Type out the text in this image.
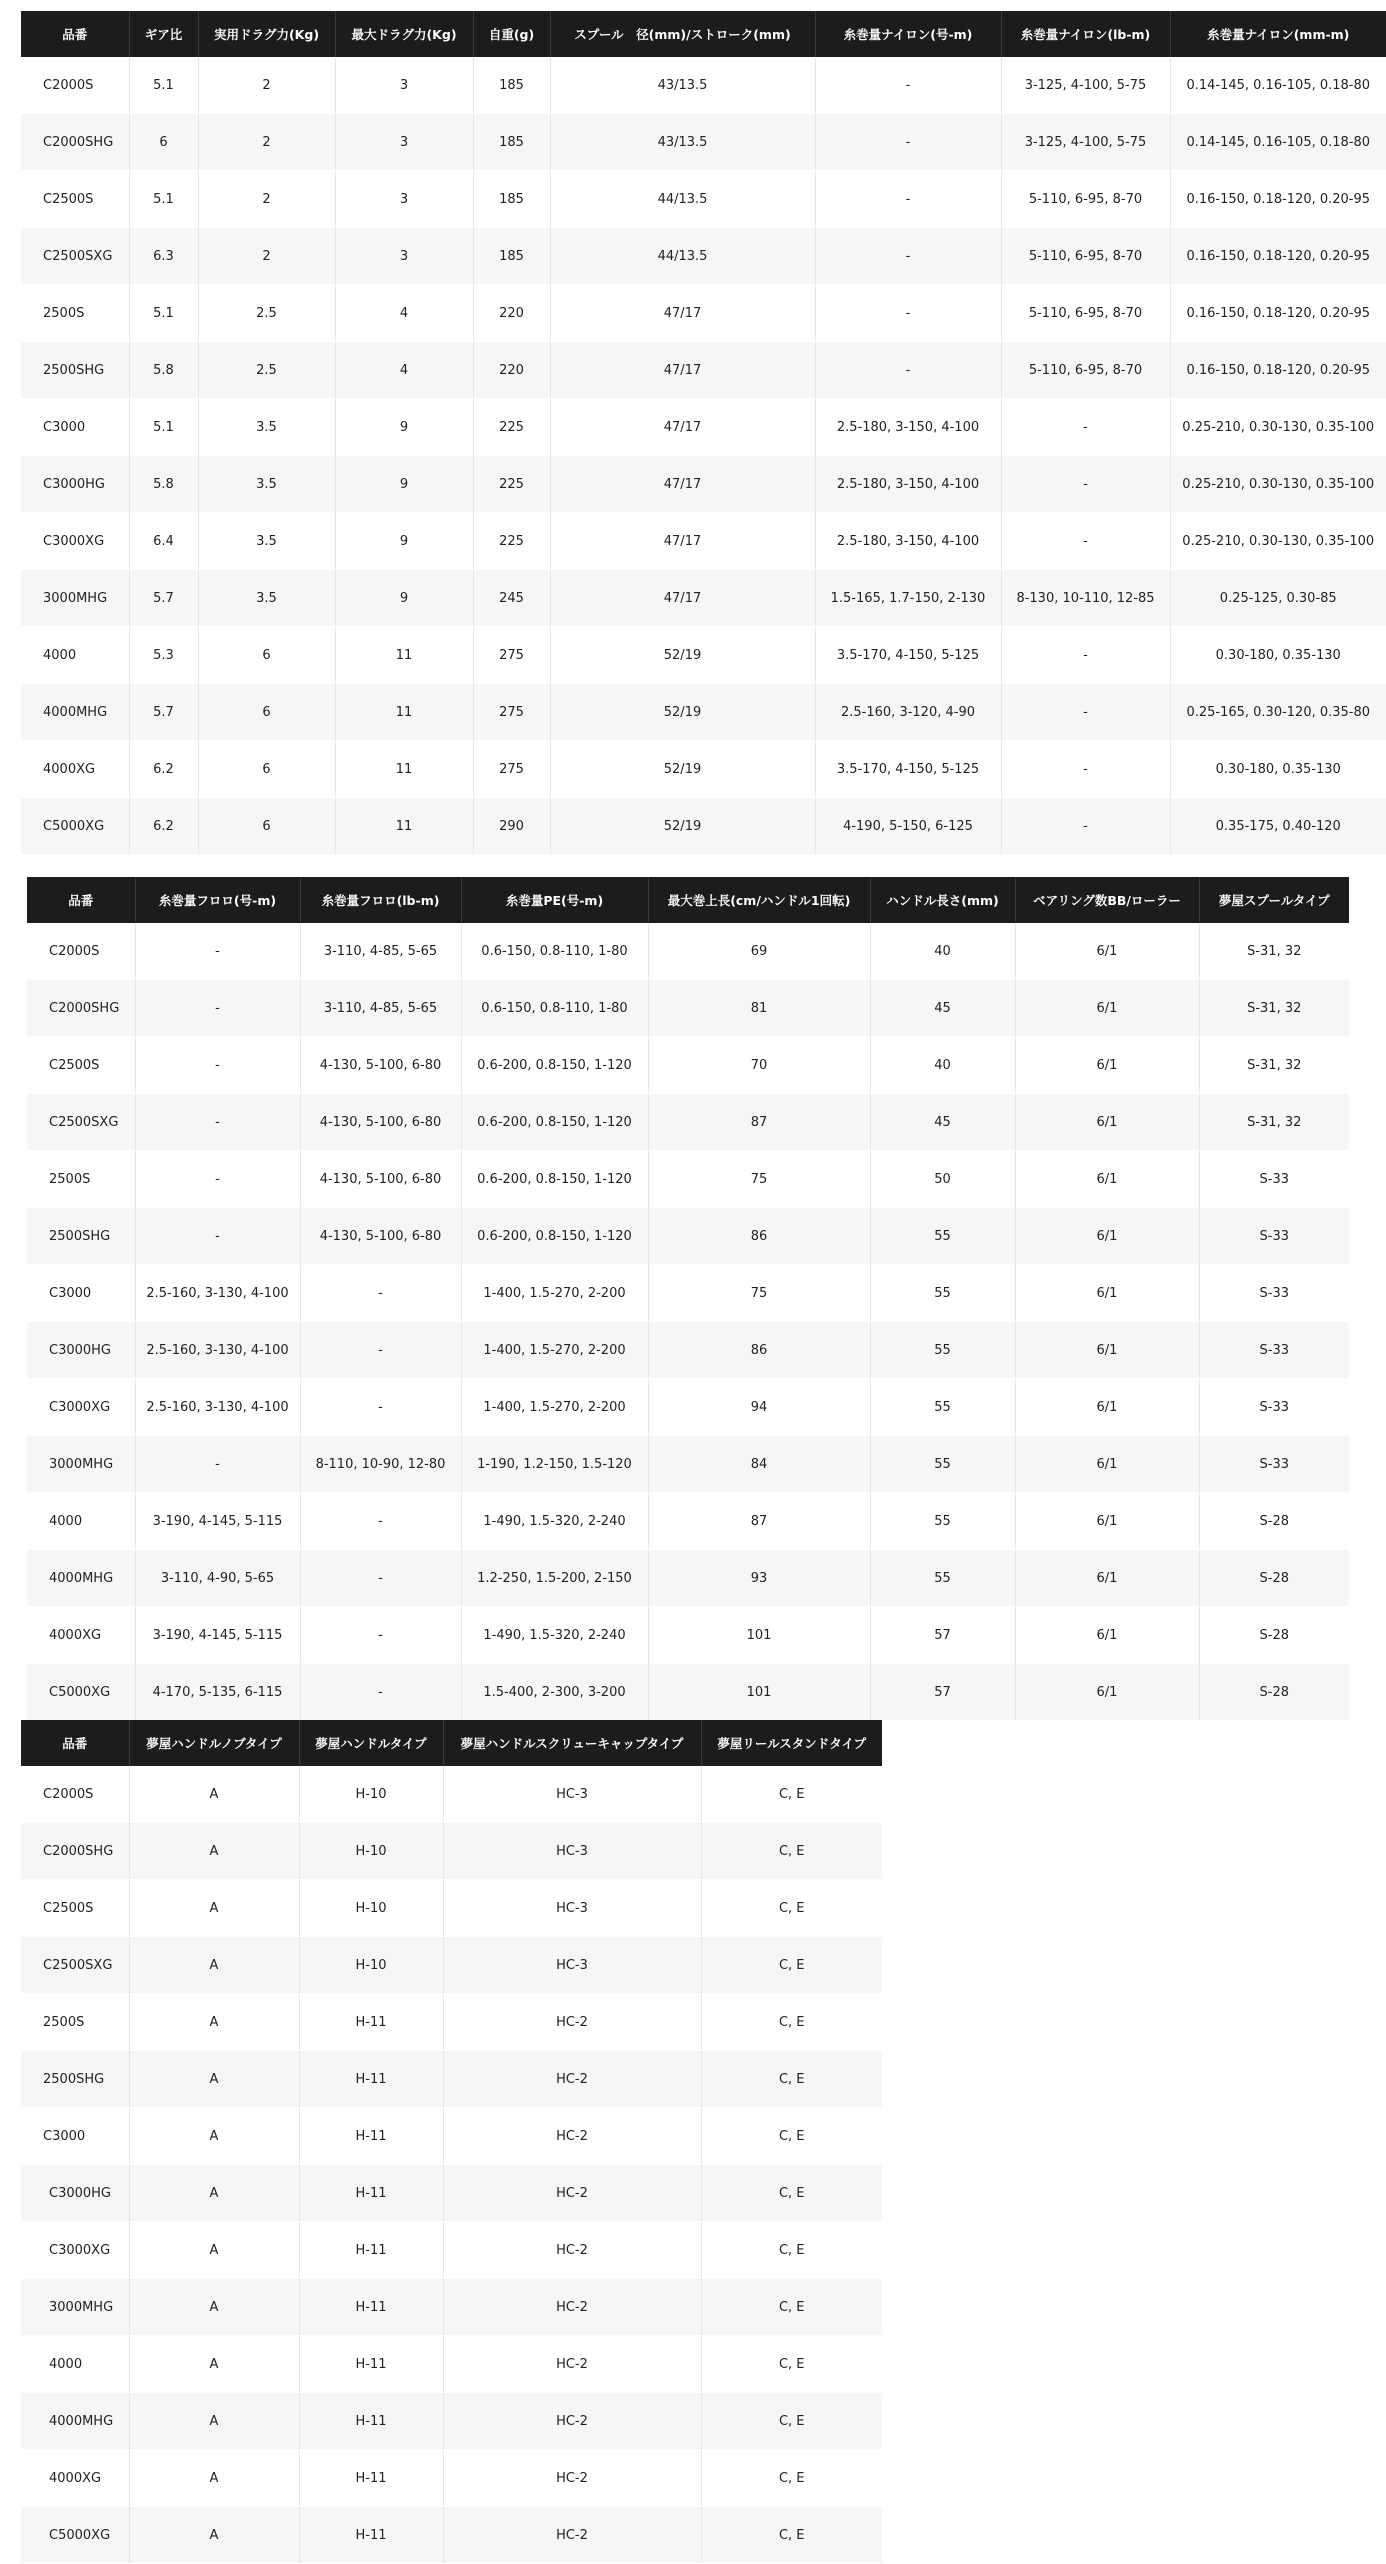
品番	ギア比	実用ドラグ力(Kg)	最大ドラグ力(Kg)	自重(g)	スプール　径(mm)/ストローク(mm)	糸巻量ナイロン(号-m)	糸巻量ナイロン(lb-m)	糸巻量ナイロン(mm-m)
C2000S	5.1	2	3	185	43/13.5	-	3-125, 4-100, 5-75	0.14-145, 0.16-105, 0.18-80
C2000SHG	6	2	3	185	43/13.5	-	3-125, 4-100, 5-75	0.14-145, 0.16-105, 0.18-80
C2500S	5.1	2	3	185	44/13.5	-	5-110, 6-95, 8-70	0.16-150, 0.18-120, 0.20-95
C2500SXG	6.3	2	3	185	44/13.5	-	5-110, 6-95, 8-70	0.16-150, 0.18-120, 0.20-95
2500S	5.1	2.5	4	220	47/17	-	5-110, 6-95, 8-70	0.16-150, 0.18-120, 0.20-95
2500SHG	5.8	2.5	4	220	47/17	-	5-110, 6-95, 8-70	0.16-150, 0.18-120, 0.20-95
C3000	5.1	3.5	9	225	47/17	2.5-180, 3-150, 4-100	-	0.25-210, 0.30-130, 0.35-100
C3000HG	5.8	3.5	9	225	47/17	2.5-180, 3-150, 4-100	-	0.25-210, 0.30-130, 0.35-100
C3000XG	6.4	3.5	9	225	47/17	2.5-180, 3-150, 4-100	-	0.25-210, 0.30-130, 0.35-100
3000MHG	5.7	3.5	9	245	47/17	1.5-165, 1.7-150, 2-130	8-130, 10-110, 12-85	0.25-125, 0.30-85
4000	5.3	6	11	275	52/19	3.5-170, 4-150, 5-125	-	0.30-180, 0.35-130
4000MHG	5.7	6	11	275	52/19	2.5-160, 3-120, 4-90	-	0.25-165, 0.30-120, 0.35-80
4000XG	6.2	6	11	275	52/19	3.5-170, 4-150, 5-125	-	0.30-180, 0.35-130
C5000XG	6.2	6	11	290	52/19	4-190, 5-150, 6-125	-	0.35-175, 0.40-120
品番	糸巻量フロロ(号-m)	糸巻量フロロ(lb-m)	糸巻量PE(号-m)	最大巻上長(cm/ハンドル1回転)	ハンドル長さ(mm)	ベアリング数BB/ローラー	夢屋スプールタイプ
C2000S	-	3-110, 4-85, 5-65	0.6-150, 0.8-110, 1-80	69	40	6/1	S-31, 32
C2000SHG	-	3-110, 4-85, 5-65	0.6-150, 0.8-110, 1-80	81	45	6/1	S-31, 32
C2500S	-	4-130, 5-100, 6-80	0.6-200, 0.8-150, 1-120	70	40	6/1	S-31, 32
C2500SXG	-	4-130, 5-100, 6-80	0.6-200, 0.8-150, 1-120	87	45	6/1	S-31, 32
2500S	-	4-130, 5-100, 6-80	0.6-200, 0.8-150, 1-120	75	50	6/1	S-33
2500SHG	-	4-130, 5-100, 6-80	0.6-200, 0.8-150, 1-120	86	55	6/1	S-33
C3000	2.5-160, 3-130, 4-100	-	1-400, 1.5-270, 2-200	75	55	6/1	S-33
C3000HG	2.5-160, 3-130, 4-100	-	1-400, 1.5-270, 2-200	86	55	6/1	S-33
C3000XG	2.5-160, 3-130, 4-100	-	1-400, 1.5-270, 2-200	94	55	6/1	S-33
3000MHG	-	8-110, 10-90, 12-80	1-190, 1.2-150, 1.5-120	84	55	6/1	S-33
4000	3-190, 4-145, 5-115	-	1-490, 1.5-320, 2-240	87	55	6/1	S-28
4000MHG	3-110, 4-90, 5-65	-	1.2-250, 1.5-200, 2-150	93	55	6/1	S-28
4000XG	3-190, 4-145, 5-115	-	1-490, 1.5-320, 2-240	101	57	6/1	S-28
C5000XG	4-170, 5-135, 6-115	-	1.5-400, 2-300, 3-200	101	57	6/1	S-28
品番	夢屋ハンドルノブタイプ	夢屋ハンドルタイプ	夢屋ハンドルスクリューキャップタイプ	夢屋リールスタンドタイプ
C2000S	A	H-10	HC-3	C, E
C2000SHG	A	H-10	HC-3	C, E
C2500S	A	H-10	HC-3	C, E
C2500SXG	A	H-10	HC-3	C, E
2500S	A	H-11	HC-2	C, E
2500SHG	A	H-11	HC-2	C, E
C3000	A	H-11	HC-2	C, E
C3000HG	A	H-11	HC-2	C, E
C3000XG	A	H-11	HC-2	C, E
3000MHG	A	H-11	HC-2	C, E
4000	A	H-11	HC-2	C, E
4000MHG	A	H-11	HC-2	C, E
4000XG	A	H-11	HC-2	C, E
C5000XG	A	H-11	HC-2	C, E
